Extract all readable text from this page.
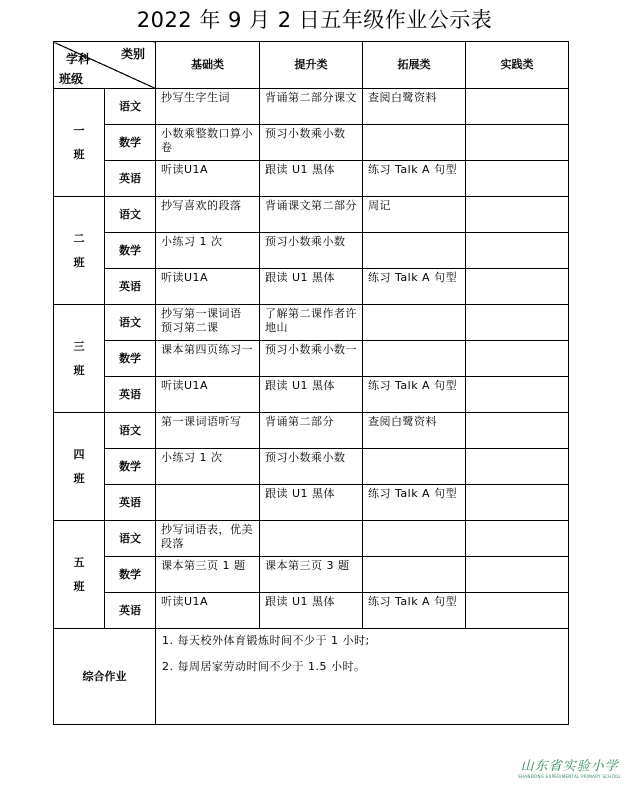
2022 年 9 月 2 日五年级作业公示表
学科 类别
班级		基础类	提升类	拓展类	实践类

一班	语文	抄写生字生词	背诵第二部分课文	查阅白鹭资料	
	数学	小数乘整数口算小卷	预习小数乘小数		
	英语	听读U1A	跟读 U1 黑体	练习 Talk A 句型	

二班	语文	抄写喜欢的段落	背诵课文第二部分	周记	
	数学	小练习 1 次	预习小数乘小数		
	英语	听读U1A	跟读 U1 黑体	练习 Talk A 句型	

三班	语文	抄写第一课词语 预习第二课	了解第二课作者许地山		
	数学	课本第四页练习一	预习小数乘小数一		
	英语	听读U1A	跟读 U1 黑体	练习 Talk A 句型	

四班	语文	第一课词语听写	背诵第二部分	查阅白鹭资料	
	数学	小练习 1 次	预习小数乘小数		
	英语		跟读 U1 黑体	练习 Talk A 句型	

五班	语文	抄写词语表，优美段落			
	数学	课本第三页 1 题	课本第三页 3 题		
	英语	听读U1A	跟读 U1 黑体	练习 Talk A 句型	
综合作业		1. 每天校外体育锻炼时间不少于 1 小时;
2. 每周居家劳动时间不少于 1.5 小时。			
山东省实验小学
SHANDONG EXPERIMENTAL PRIMARY SCHOOL
